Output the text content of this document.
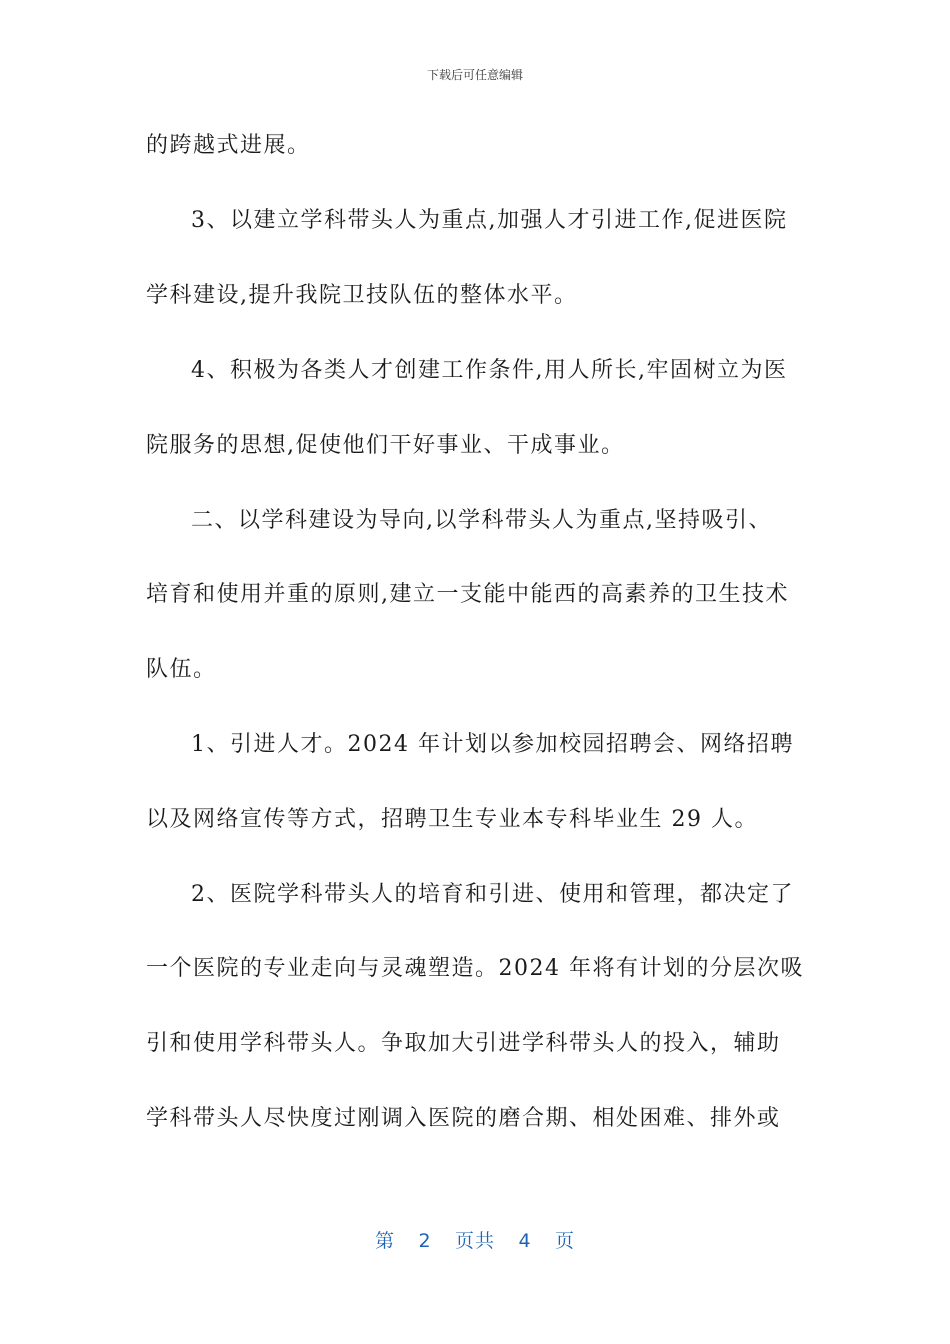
下载后可任意编辑
的跨越式进展。
3、以建立学科带头人为重点,加强人才引进工作,促进医院
学科建设,提升我院卫技队伍的整体水平。
4、积极为各类人才创建工作条件,用人所长,牢固树立为医
院服务的思想,促使他们干好事业、干成事业。
二、以学科建设为导向,以学科带头人为重点,坚持吸引、
培育和使用并重的原则,建立一支能中能西的高素养的卫生技术
队伍。
1、引进人才。2024 年计划以参加校园招聘会、网络招聘
以及网络宣传等方式，招聘卫生专业本专科毕业生 29 人。
2、医院学科带头人的培育和引进、使用和管理，都决定了
一个医院的专业走向与灵魂塑造。2024 年将有计划的分层次吸
引和使用学科带头人。争取加大引进学科带头人的投入，辅助
学科带头人尽快度过刚调入医院的磨合期、相处困难、排外或
第 2 页共 4 页
